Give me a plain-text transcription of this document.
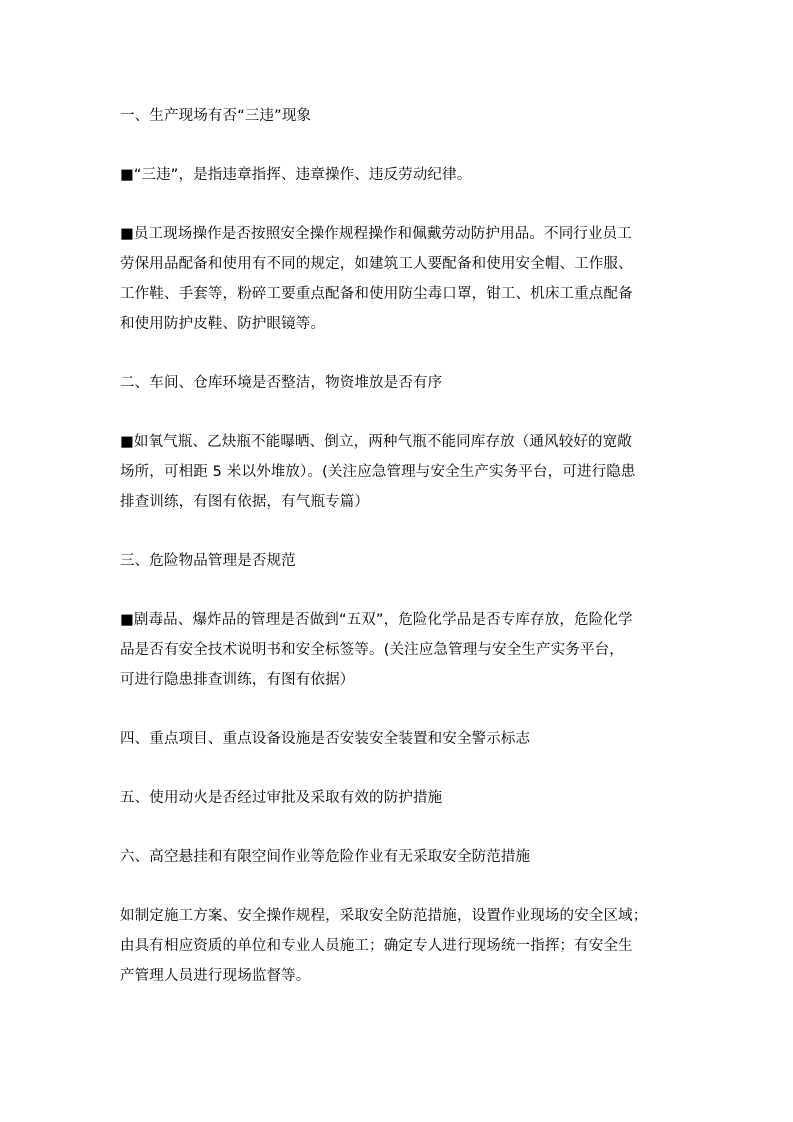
一、生产现场有否“三违”现象

■“三违”，是指违章指挥、违章操作、违反劳动纪律。

■员工现场操作是否按照安全操作规程操作和佩戴劳动防护用品。不同行业员工

劳保用品配备和使用有不同的规定，如建筑工人要配备和使用安全帽、工作服、

工作鞋、手套等，粉碎工要重点配备和使用防尘毒口罩，钳工、机床工重点配备

和使用防护皮鞋、防护眼镜等。

二、车间、仓库环境是否整洁，物资堆放是否有序

■如氧气瓶、乙炔瓶不能曝晒、倒立，两种气瓶不能同库存放（通风较好的宽敞

场所，可相距 5 米以外堆放）。(关注应急管理与安全生产实务平台，可进行隐患

排查训练，有图有依据，有气瓶专篇）

三、危险物品管理是否规范

■剧毒品、爆炸品的管理是否做到“五双”，危险化学品是否专库存放，危险化学

品是否有安全技术说明书和安全标签等。(关注应急管理与安全生产实务平台，

可进行隐患排查训练，有图有依据）

四、重点项目、重点设备设施是否安装安全装置和安全警示标志

五、使用动火是否经过审批及采取有效的防护措施

六、高空悬挂和有限空间作业等危险作业有无采取安全防范措施

如制定施工方案、安全操作规程，采取安全防范措施，设置作业现场的安全区域；

由具有相应资质的单位和专业人员施工；确定专人进行现场统一指挥；有安全生

产管理人员进行现场监督等。
